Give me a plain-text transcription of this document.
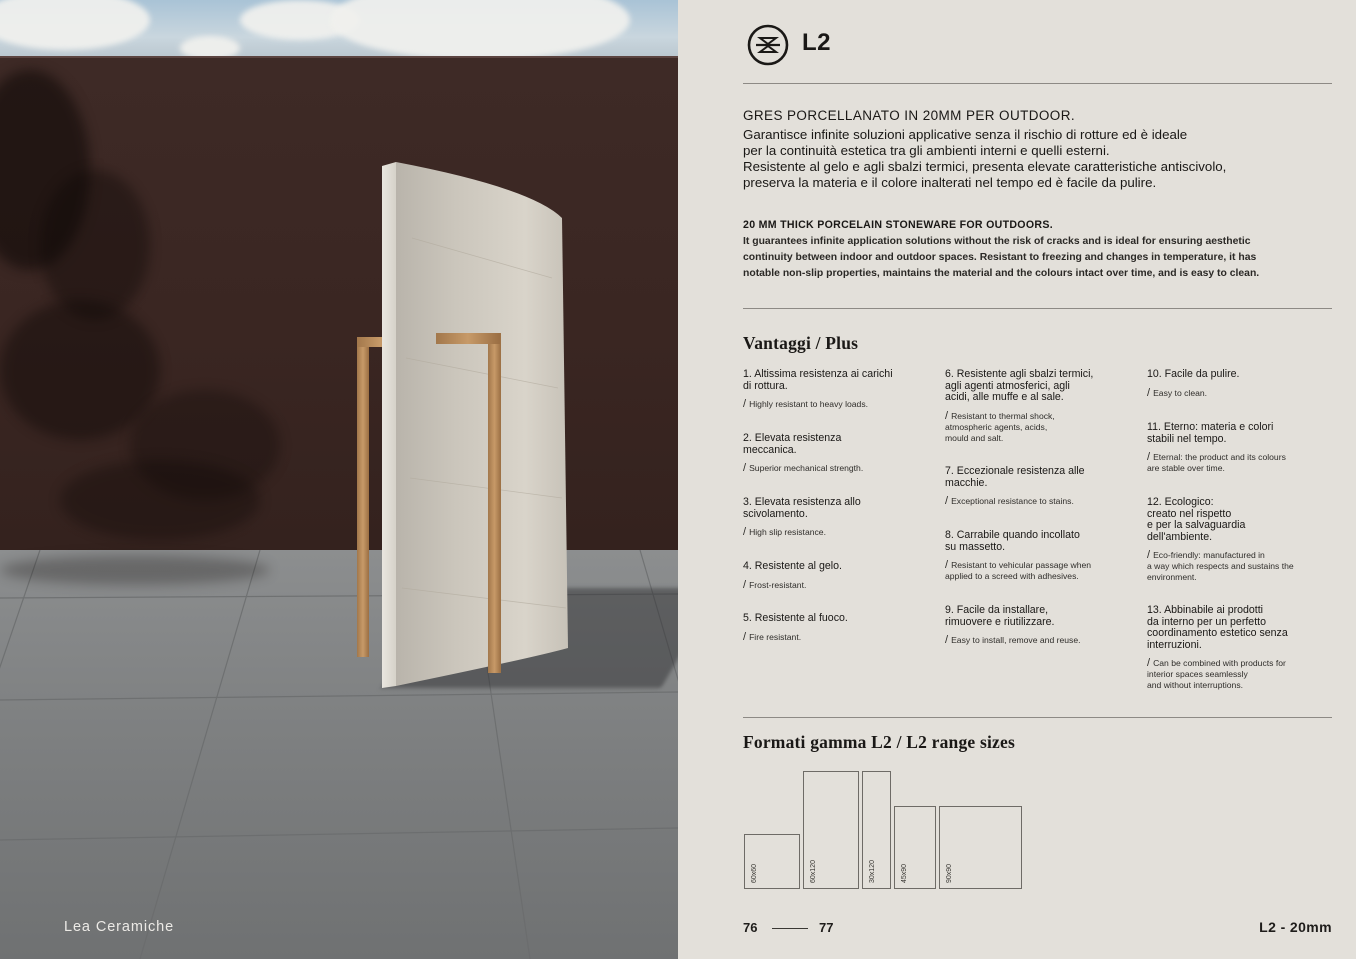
Lea Ceramiche
L2
GRES PORCELLANATO IN 20MM PER OUTDOOR.
Garantisce infinite soluzioni applicative senza il rischio di rotture ed è ideale
per la continuità estetica tra gli ambienti interni e quelli esterni.
Resistente al gelo e agli sbalzi termici, presenta elevate caratteristiche antiscivolo,
preserva la materia e il colore inalterati nel tempo ed è facile da pulire.
20 MM THICK PORCELAIN STONEWARE FOR OUTDOORS.
It guarantees infinite application solutions without the risk of cracks and is ideal for ensuring aesthetic
continuity between indoor and outdoor spaces. Resistant to freezing and changes in temperature, it has
notable non-slip properties, maintains the material and the colours intact over time, and is easy to clean.
Vantaggi / Plus
1. Altissima resistenza ai carichi
di rottura.
/ Highly resistant to heavy loads.
2. Elevata resistenza
meccanica.
/ Superior mechanical strength.
3. Elevata resistenza allo
scivolamento.
/ High slip resistance.
4. Resistente al gelo.
/ Frost-resistant.
5. Resistente al fuoco.
/ Fire resistant.
6. Resistente agli sbalzi termici,
agli agenti atmosferici, agli
acidi, alle muffe e al sale.
/ Resistant to thermal shock,
atmospheric agents, acids,
mould and salt.
7. Eccezionale resistenza alle
macchie.
/ Exceptional resistance to stains.
8. Carrabile quando incollato
su massetto.
/ Resistant to vehicular passage when
applied to a screed with adhesives.
9. Facile da installare,
rimuovere e riutilizzare.
/ Easy to install, remove and reuse.
10. Facile da pulire.
/ Easy to clean.
11. Eterno: materia e colori
stabili nel tempo.
/ Eternal: the product and its colours
are stable over time.
12. Ecologico:
creato nel rispetto
e per la salvaguardia
dell'ambiente.
/ Eco-friendly: manufactured in
a way which respects and sustains the
environment.
13. Abbinabile ai prodotti
da interno per un perfetto
coordinamento estetico senza
interruzioni.
/ Can be combined with products for
interior spaces seamlessly
and without interruptions.
Formati gamma L2 / L2 range sizes
60x60	60x120	30x120	45x90	90x90
76	77	L2 - 20mm
